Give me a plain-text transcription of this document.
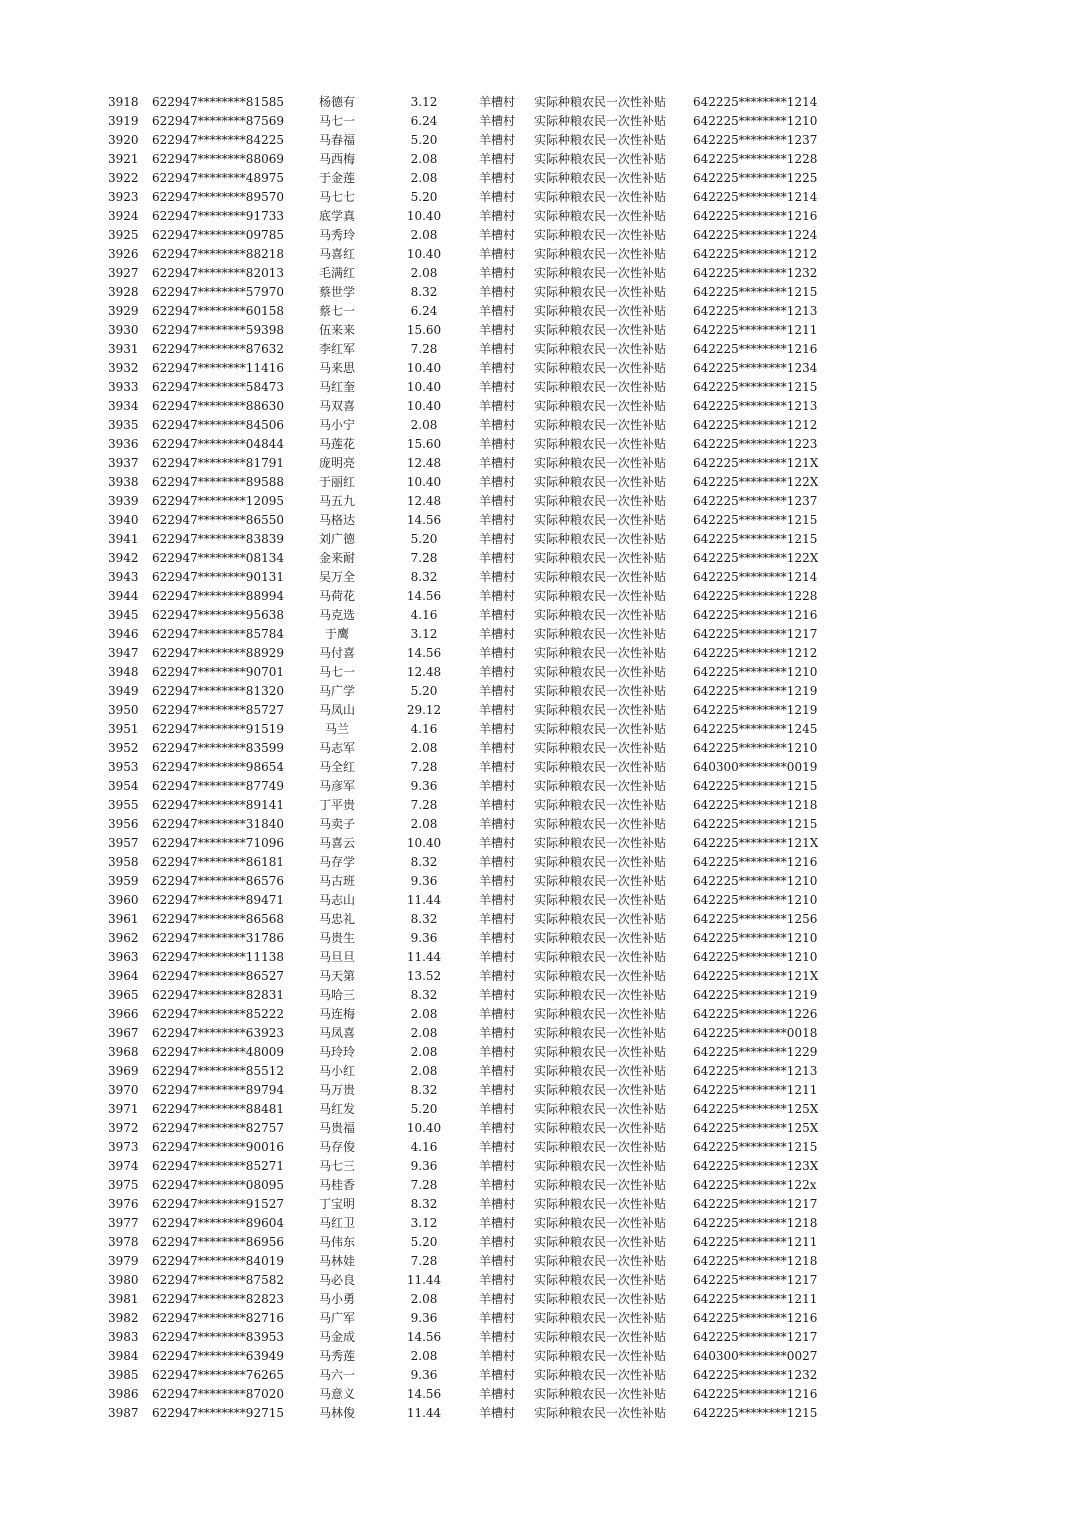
3918	622947********81585	杨德有	3.12	羊槽村	实际种粮农民一次性补贴	642225********1214
3919	622947********87569	马七一	6.24	羊槽村	实际种粮农民一次性补贴	642225********1210
3920	622947********84225	马春福	5.20	羊槽村	实际种粮农民一次性补贴	642225********1237
3921	622947********88069	马西梅	2.08	羊槽村	实际种粮农民一次性补贴	642225********1228
3922	622947********48975	于金莲	2.08	羊槽村	实际种粮农民一次性补贴	642225********1225
3923	622947********89570	马七七	5.20	羊槽村	实际种粮农民一次性补贴	642225********1214
3924	622947********91733	底学真	10.40	羊槽村	实际种粮农民一次性补贴	642225********1216
3925	622947********09785	马秀玲	2.08	羊槽村	实际种粮农民一次性补贴	642225********1224
3926	622947********88218	马喜红	10.40	羊槽村	实际种粮农民一次性补贴	642225********1212
3927	622947********82013	毛满红	2.08	羊槽村	实际种粮农民一次性补贴	642225********1232
3928	622947********57970	蔡世学	8.32	羊槽村	实际种粮农民一次性补贴	642225********1215
3929	622947********60158	蔡七一	6.24	羊槽村	实际种粮农民一次性补贴	642225********1213
3930	622947********59398	伍来来	15.60	羊槽村	实际种粮农民一次性补贴	642225********1211
3931	622947********87632	李红军	7.28	羊槽村	实际种粮农民一次性补贴	642225********1216
3932	622947********11416	马来思	10.40	羊槽村	实际种粮农民一次性补贴	642225********1234
3933	622947********58473	马红奎	10.40	羊槽村	实际种粮农民一次性补贴	642225********1215
3934	622947********88630	马双喜	10.40	羊槽村	实际种粮农民一次性补贴	642225********1213
3935	622947********84506	马小宁	2.08	羊槽村	实际种粮农民一次性补贴	642225********1212
3936	622947********04844	马莲花	15.60	羊槽村	实际种粮农民一次性补贴	642225********1223
3937	622947********81791	庞明亮	12.48	羊槽村	实际种粮农民一次性补贴	642225********121X
3938	622947********89588	于丽红	10.40	羊槽村	实际种粮农民一次性补贴	642225********122X
3939	622947********12095	马五九	12.48	羊槽村	实际种粮农民一次性补贴	642225********1237
3940	622947********86550	马格达	14.56	羊槽村	实际种粮农民一次性补贴	642225********1215
3941	622947********83839	刘广德	5.20	羊槽村	实际种粮农民一次性补贴	642225********1215
3942	622947********08134	金来耐	7.28	羊槽村	实际种粮农民一次性补贴	642225********122X
3943	622947********90131	吴万全	8.32	羊槽村	实际种粮农民一次性补贴	642225********1214
3944	622947********88994	马荷花	14.56	羊槽村	实际种粮农民一次性补贴	642225********1228
3945	622947********95638	马克选	4.16	羊槽村	实际种粮农民一次性补贴	642225********1216
3946	622947********85784	于鹰	3.12	羊槽村	实际种粮农民一次性补贴	642225********1217
3947	622947********88929	马付喜	14.56	羊槽村	实际种粮农民一次性补贴	642225********1212
3948	622947********90701	马七一	12.48	羊槽村	实际种粮农民一次性补贴	642225********1210
3949	622947********81320	马广学	5.20	羊槽村	实际种粮农民一次性补贴	642225********1219
3950	622947********85727	马凤山	29.12	羊槽村	实际种粮农民一次性补贴	642225********1219
3951	622947********91519	马兰	4.16	羊槽村	实际种粮农民一次性补贴	642225********1245
3952	622947********83599	马志军	2.08	羊槽村	实际种粮农民一次性补贴	642225********1210
3953	622947********98654	马全红	7.28	羊槽村	实际种粮农民一次性补贴	640300********0019
3954	622947********87749	马彦军	9.36	羊槽村	实际种粮农民一次性补贴	642225********1215
3955	622947********89141	丁平贵	7.28	羊槽村	实际种粮农民一次性补贴	642225********1218
3956	622947********31840	马卖子	2.08	羊槽村	实际种粮农民一次性补贴	642225********1215
3957	622947********71096	马喜云	10.40	羊槽村	实际种粮农民一次性补贴	642225********121X
3958	622947********86181	马存学	8.32	羊槽村	实际种粮农民一次性补贴	642225********1216
3959	622947********86576	马古班	9.36	羊槽村	实际种粮农民一次性补贴	642225********1210
3960	622947********89471	马志山	11.44	羊槽村	实际种粮农民一次性补贴	642225********1210
3961	622947********86568	马忠礼	8.32	羊槽村	实际种粮农民一次性补贴	642225********1256
3962	622947********31786	马贵生	9.36	羊槽村	实际种粮农民一次性补贴	642225********1210
3963	622947********11138	马旦旦	11.44	羊槽村	实际种粮农民一次性补贴	642225********1210
3964	622947********86527	马天第	13.52	羊槽村	实际种粮农民一次性补贴	642225********121X
3965	622947********82831	马哈三	8.32	羊槽村	实际种粮农民一次性补贴	642225********1219
3966	622947********85222	马连梅	2.08	羊槽村	实际种粮农民一次性补贴	642225********1226
3967	622947********63923	马凤喜	2.08	羊槽村	实际种粮农民一次性补贴	642225********0018
3968	622947********48009	马玲玲	2.08	羊槽村	实际种粮农民一次性补贴	642225********1229
3969	622947********85512	马小红	2.08	羊槽村	实际种粮农民一次性补贴	642225********1213
3970	622947********89794	马万贵	8.32	羊槽村	实际种粮农民一次性补贴	642225********1211
3971	622947********88481	马红发	5.20	羊槽村	实际种粮农民一次性补贴	642225********125X
3972	622947********82757	马贵福	10.40	羊槽村	实际种粮农民一次性补贴	642225********125X
3973	622947********90016	马存俊	4.16	羊槽村	实际种粮农民一次性补贴	642225********1215
3974	622947********85271	马七三	9.36	羊槽村	实际种粮农民一次性补贴	642225********123X
3975	622947********08095	马桂香	7.28	羊槽村	实际种粮农民一次性补贴	642225********122x
3976	622947********91527	丁宝明	8.32	羊槽村	实际种粮农民一次性补贴	642225********1217
3977	622947********89604	马红卫	3.12	羊槽村	实际种粮农民一次性补贴	642225********1218
3978	622947********86956	马伟东	5.20	羊槽村	实际种粮农民一次性补贴	642225********1211
3979	622947********84019	马林娃	7.28	羊槽村	实际种粮农民一次性补贴	642225********1218
3980	622947********87582	马必良	11.44	羊槽村	实际种粮农民一次性补贴	642225********1217
3981	622947********82823	马小勇	2.08	羊槽村	实际种粮农民一次性补贴	642225********1211
3982	622947********82716	马广军	9.36	羊槽村	实际种粮农民一次性补贴	642225********1216
3983	622947********83953	马金成	14.56	羊槽村	实际种粮农民一次性补贴	642225********1217
3984	622947********63949	马秀莲	2.08	羊槽村	实际种粮农民一次性补贴	640300********0027
3985	622947********76265	马六一	9.36	羊槽村	实际种粮农民一次性补贴	642225********1232
3986	622947********87020	马意义	14.56	羊槽村	实际种粮农民一次性补贴	642225********1216
3987	622947********92715	马林俊	11.44	羊槽村	实际种粮农民一次性补贴	642225********1215
